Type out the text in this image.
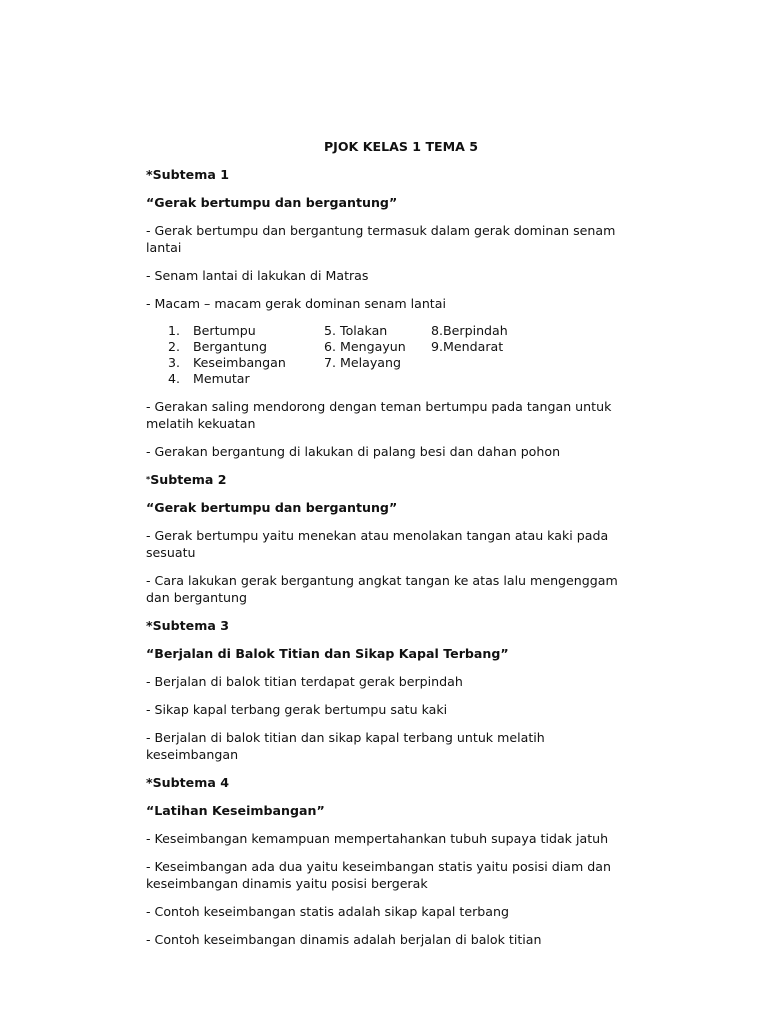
PJOK KELAS 1 TEMA 5

*Subtema 1

“Gerak bertumpu dan bergantung”

- Gerak bertumpu dan bergantung termasuk dalam gerak dominan senam lantai

- Senam lantai di lakukan di Matras

- Macam – macam gerak dominan senam lantai

1. Bertumpu
2. Bergantung
3. Keseimbangan
4. Memutar
5. Tolakan
6. Mengayun
7. Melayang
8.Berpindah
9.Mendarat

- Gerakan saling mendorong dengan teman bertumpu pada tangan untuk melatih kekuatan

- Gerakan bergantung di lakukan di palang besi dan dahan pohon

*Subtema 2

“Gerak bertumpu dan bergantung”

- Gerak bertumpu yaitu menekan atau menolakan tangan atau kaki pada sesuatu

- Cara lakukan gerak bergantung angkat tangan ke atas lalu mengenggam dan bergantung

*Subtema 3

“Berjalan di Balok Titian dan Sikap Kapal Terbang”

- Berjalan di balok titian terdapat gerak berpindah

- Sikap kapal terbang gerak bertumpu satu kaki

- Berjalan di balok titian dan sikap kapal terbang untuk melatih keseimbangan

*Subtema 4

“Latihan Keseimbangan”

- Keseimbangan kemampuan mempertahankan tubuh supaya tidak jatuh

- Keseimbangan ada dua yaitu keseimbangan statis yaitu posisi diam dan keseimbangan dinamis yaitu posisi bergerak

- Contoh keseimbangan statis adalah sikap kapal terbang

- Contoh keseimbangan dinamis adalah berjalan di balok titian
